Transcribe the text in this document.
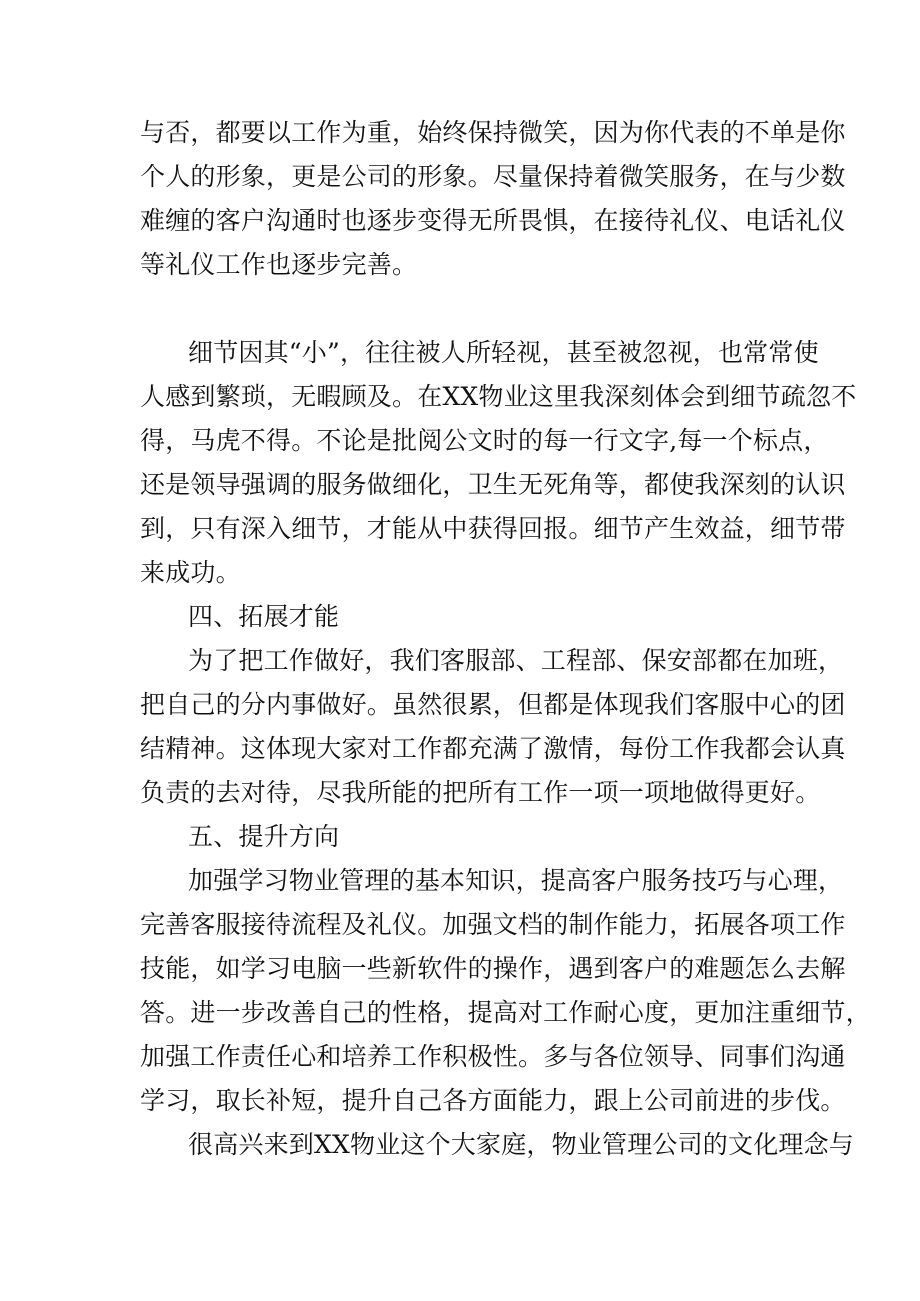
与否，都要以工作为重，始终保持微笑，因为你代表的不单是你
个人的形象，更是公司的形象。尽量保持着微笑服务，在与少数
难缠的客户沟通时也逐步变得无所畏惧，在接待礼仪、电话礼仪
等礼仪工作也逐步完善。
细节因其“小”，往往被人所轻视，甚至被忽视，也常常使
人感到繁琐，无暇顾及。在XX物业这里我深刻体会到细节疏忽不
得，马虎不得。不论是批阅公文时的每一行文字,每一个标点，
还是领导强调的服务做细化，卫生无死角等，都使我深刻的认识
到，只有深入细节，才能从中获得回报。细节产生效益，细节带
来成功。
四、拓展才能
为了把工作做好，我们客服部、工程部、保安部都在加班，
把自己的分内事做好。虽然很累，但都是体现我们客服中心的团
结精神。这体现大家对工作都充满了激情，每份工作我都会认真
负责的去对待，尽我所能的把所有工作一项一项地做得更好。
五、提升方向
加强学习物业管理的基本知识，提高客户服务技巧与心理，
完善客服接待流程及礼仪。加强文档的制作能力，拓展各项工作
技能，如学习电脑一些新软件的操作，遇到客户的难题怎么去解
答。进一步改善自己的性格，提高对工作耐心度，更加注重细节，
加强工作责任心和培养工作积极性。多与各位领导、同事们沟通
学习，取长补短，提升自己各方面能力，跟上公司前进的步伐。
很高兴来到XX物业这个大家庭，物业管理公司的文化理念与
